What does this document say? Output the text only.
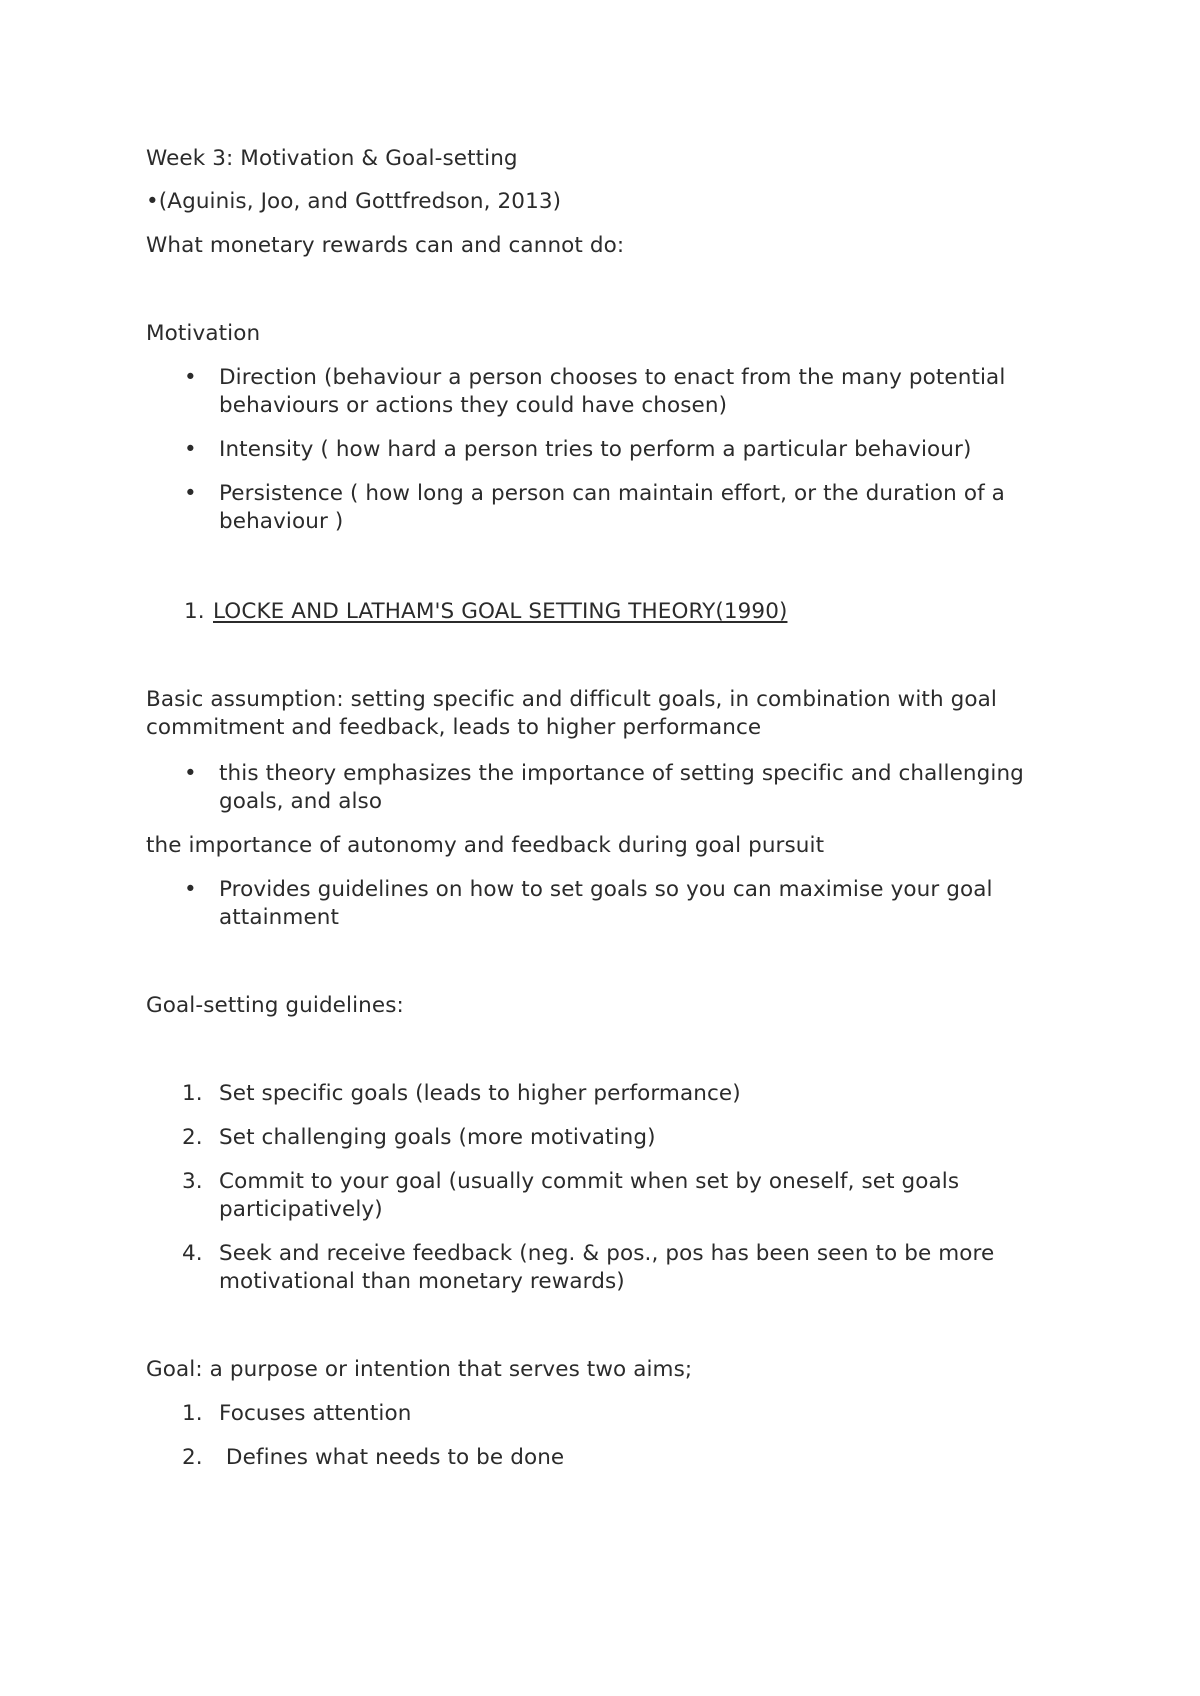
Week 3: Motivation & Goal-setting
•(Aguinis, Joo, and Gottfredson, 2013)
What monetary rewards can and cannot do:
Motivation
• Direction (behaviour a person chooses to enact from the many potential behaviours or actions they could have chosen)
• Intensity ( how hard a person tries to perform a particular behaviour)
• Persistence ( how long a person can maintain effort, or the duration of a behaviour )
1. LOCKE AND LATHAM'S GOAL SETTING THEORY(1990)
Basic assumption: setting specific and difficult goals, in combination with goal commitment and feedback, leads to higher performance
• this theory emphasizes the importance of setting specific and challenging goals, and also
the importance of autonomy and feedback during goal pursuit
• Provides guidelines on how to set goals so you can maximise your goal attainment
Goal-setting guidelines:
1. Set specific goals (leads to higher performance)
2. Set challenging goals (more motivating)
3. Commit to your goal (usually commit when set by oneself, set goals participatively)
4. Seek and receive feedback (neg. & pos., pos has been seen to be more motivational than monetary rewards)
Goal: a purpose or intention that serves two aims;
1. Focuses attention
2. Defines what needs to be done
